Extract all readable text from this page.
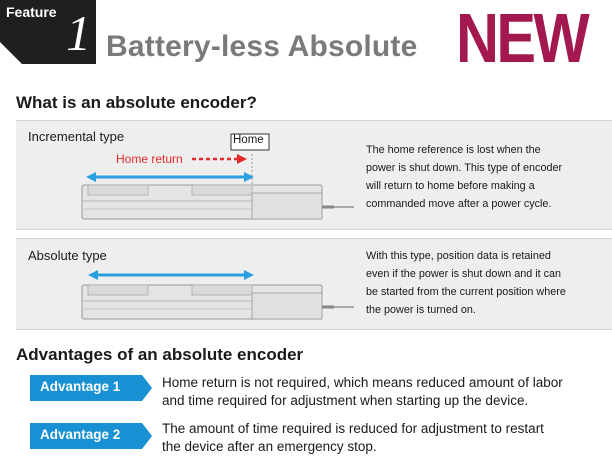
Feature 1 Battery-less Absolute NEW
What is an absolute encoder?
Incremental type	Home
Home return
The home reference is lost when the
power is shut down. This type of encoder
will return to home before making a
commanded move after a power cycle.
Absolute type	With this type, position data is retained
even if the power is shut down and it can
be started from the current position where
the power is turned on.
Advantages of an absolute encoder
Advantage 1	Home return is not required, which means reduced amount of labor
and time required for adjustment when starting up the device.
Advantage 2	The amount of time required is reduced for adjustment to restart
the device after an emergency stop.
